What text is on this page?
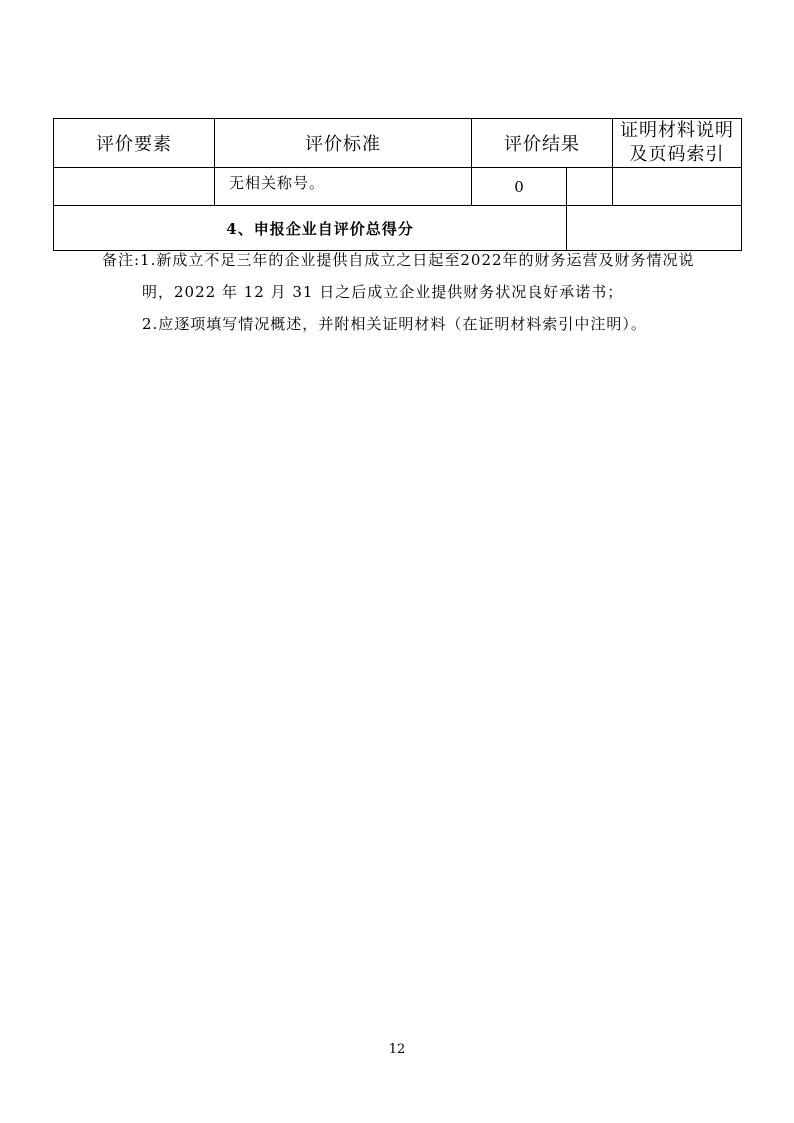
评价要素	评价标准	评价结果		证明材料说明
及页码索引
	无相关称号。	0		
4、申报企业自评价总得分				
备注:1.新成立不足三年的企业提供自成立之日起至2022年的财务运营及财务情况说
明，2022 年 12 月 31 日之后成立企业提供财务状况良好承诺书；
2.应逐项填写情况概述，并附相关证明材料（在证明材料索引中注明）。
12
